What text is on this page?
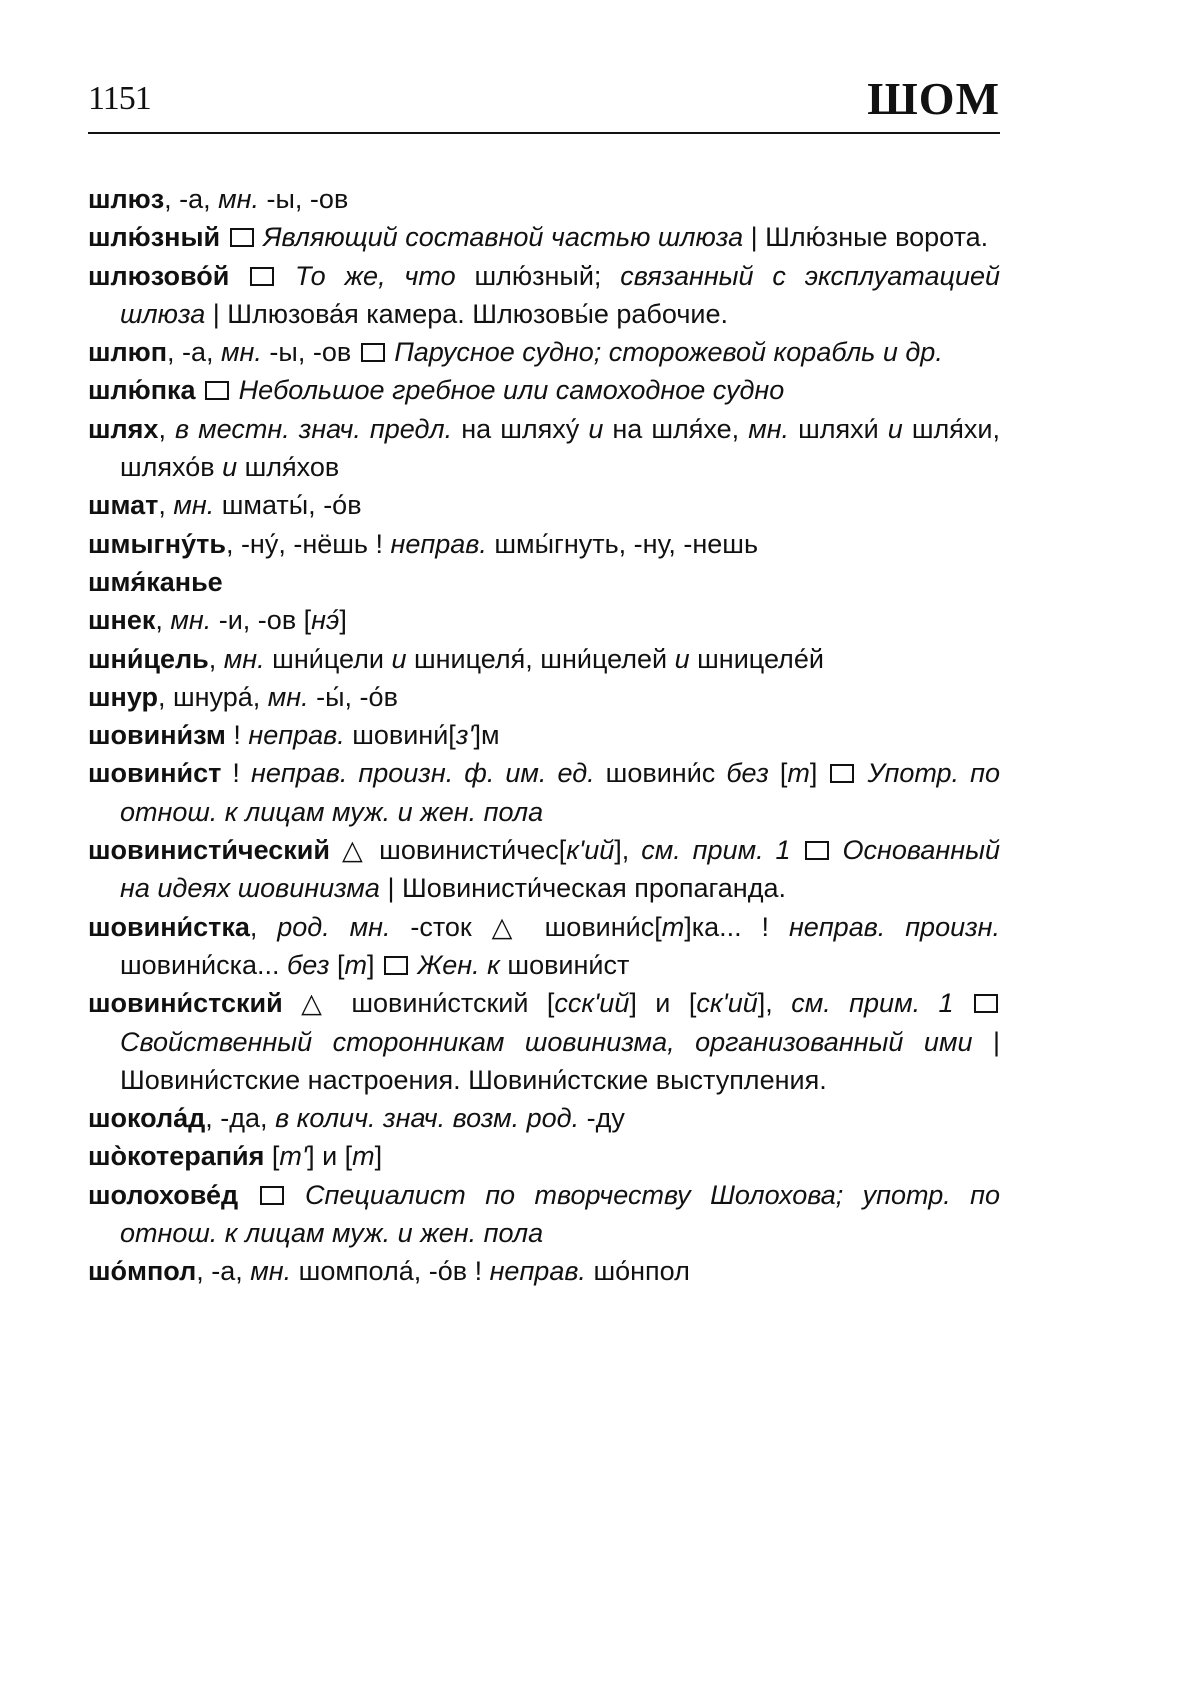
1151	ШОМ
шлюз, -а, мн. -ы, -ов
шлю́зный  Являющий составной частью шлюза | Шлю́зные ворота.
шлюзово́й  То же, что шлю́зный; связанный с эксплуатацией шлюза | Шлюзова́я камера. Шлюзовы́е рабочие.
шлюп, -а, мн. -ы, -ов  Парусное судно; сторожевой корабль и др.
шлю́пка  Небольшое гребное или самоходное судно
шлях, в местн. знач. предл. на шляху́ и на шля́хе, мн. шляхи́ и шля́хи, шляхо́в и шля́хов
шмат, мн. шматы́, -о́в
шмыгну́ть, -ну́, -нёшь ! неправ. шмы́гнуть, -ну, -нешь
шмя́канье
шнек, мн. -и, -ов [нэ́]
шни́цель, мн. шни́цели и шницеля́, шни́целей и шницеле́й
шнур, шнура́, мн. -ы́, -о́в
шовини́зм ! неправ. шовини́[з']м
шовини́ст ! неправ. произн. ф. им. ед. шовини́с без [т]  Употр. по отнош. к лицам муж. и жен. пола
шовинисти́ческий △ шовинисти́чес[к'ий], см. прим. 1  Основанный на идеях шовинизма | Шовинисти́ческая пропаганда.
шовини́стка, род. мн. -сток △ шовини́с[т]ка... ! неправ. произн. шовини́ска... без [т]  Жен. к шовини́ст
шовини́стский △ шовини́стский [сск'ий] и [ск'ий], см. прим. 1  Свойственный сторонникам шовинизма, организованный ими | Шовини́стские настроения. Шовини́стские выступления.
шокола́д, -да, в колич. знач. возм. род. -ду
шо̀котерапи́я [т'] и [т]
шолохове́д  Специалист по творчеству Шолохова; употр. по отнош. к лицам муж. и жен. пола
шо́мпол, -а, мн. шомпола́, -о́в ! неправ. шо́нпол
